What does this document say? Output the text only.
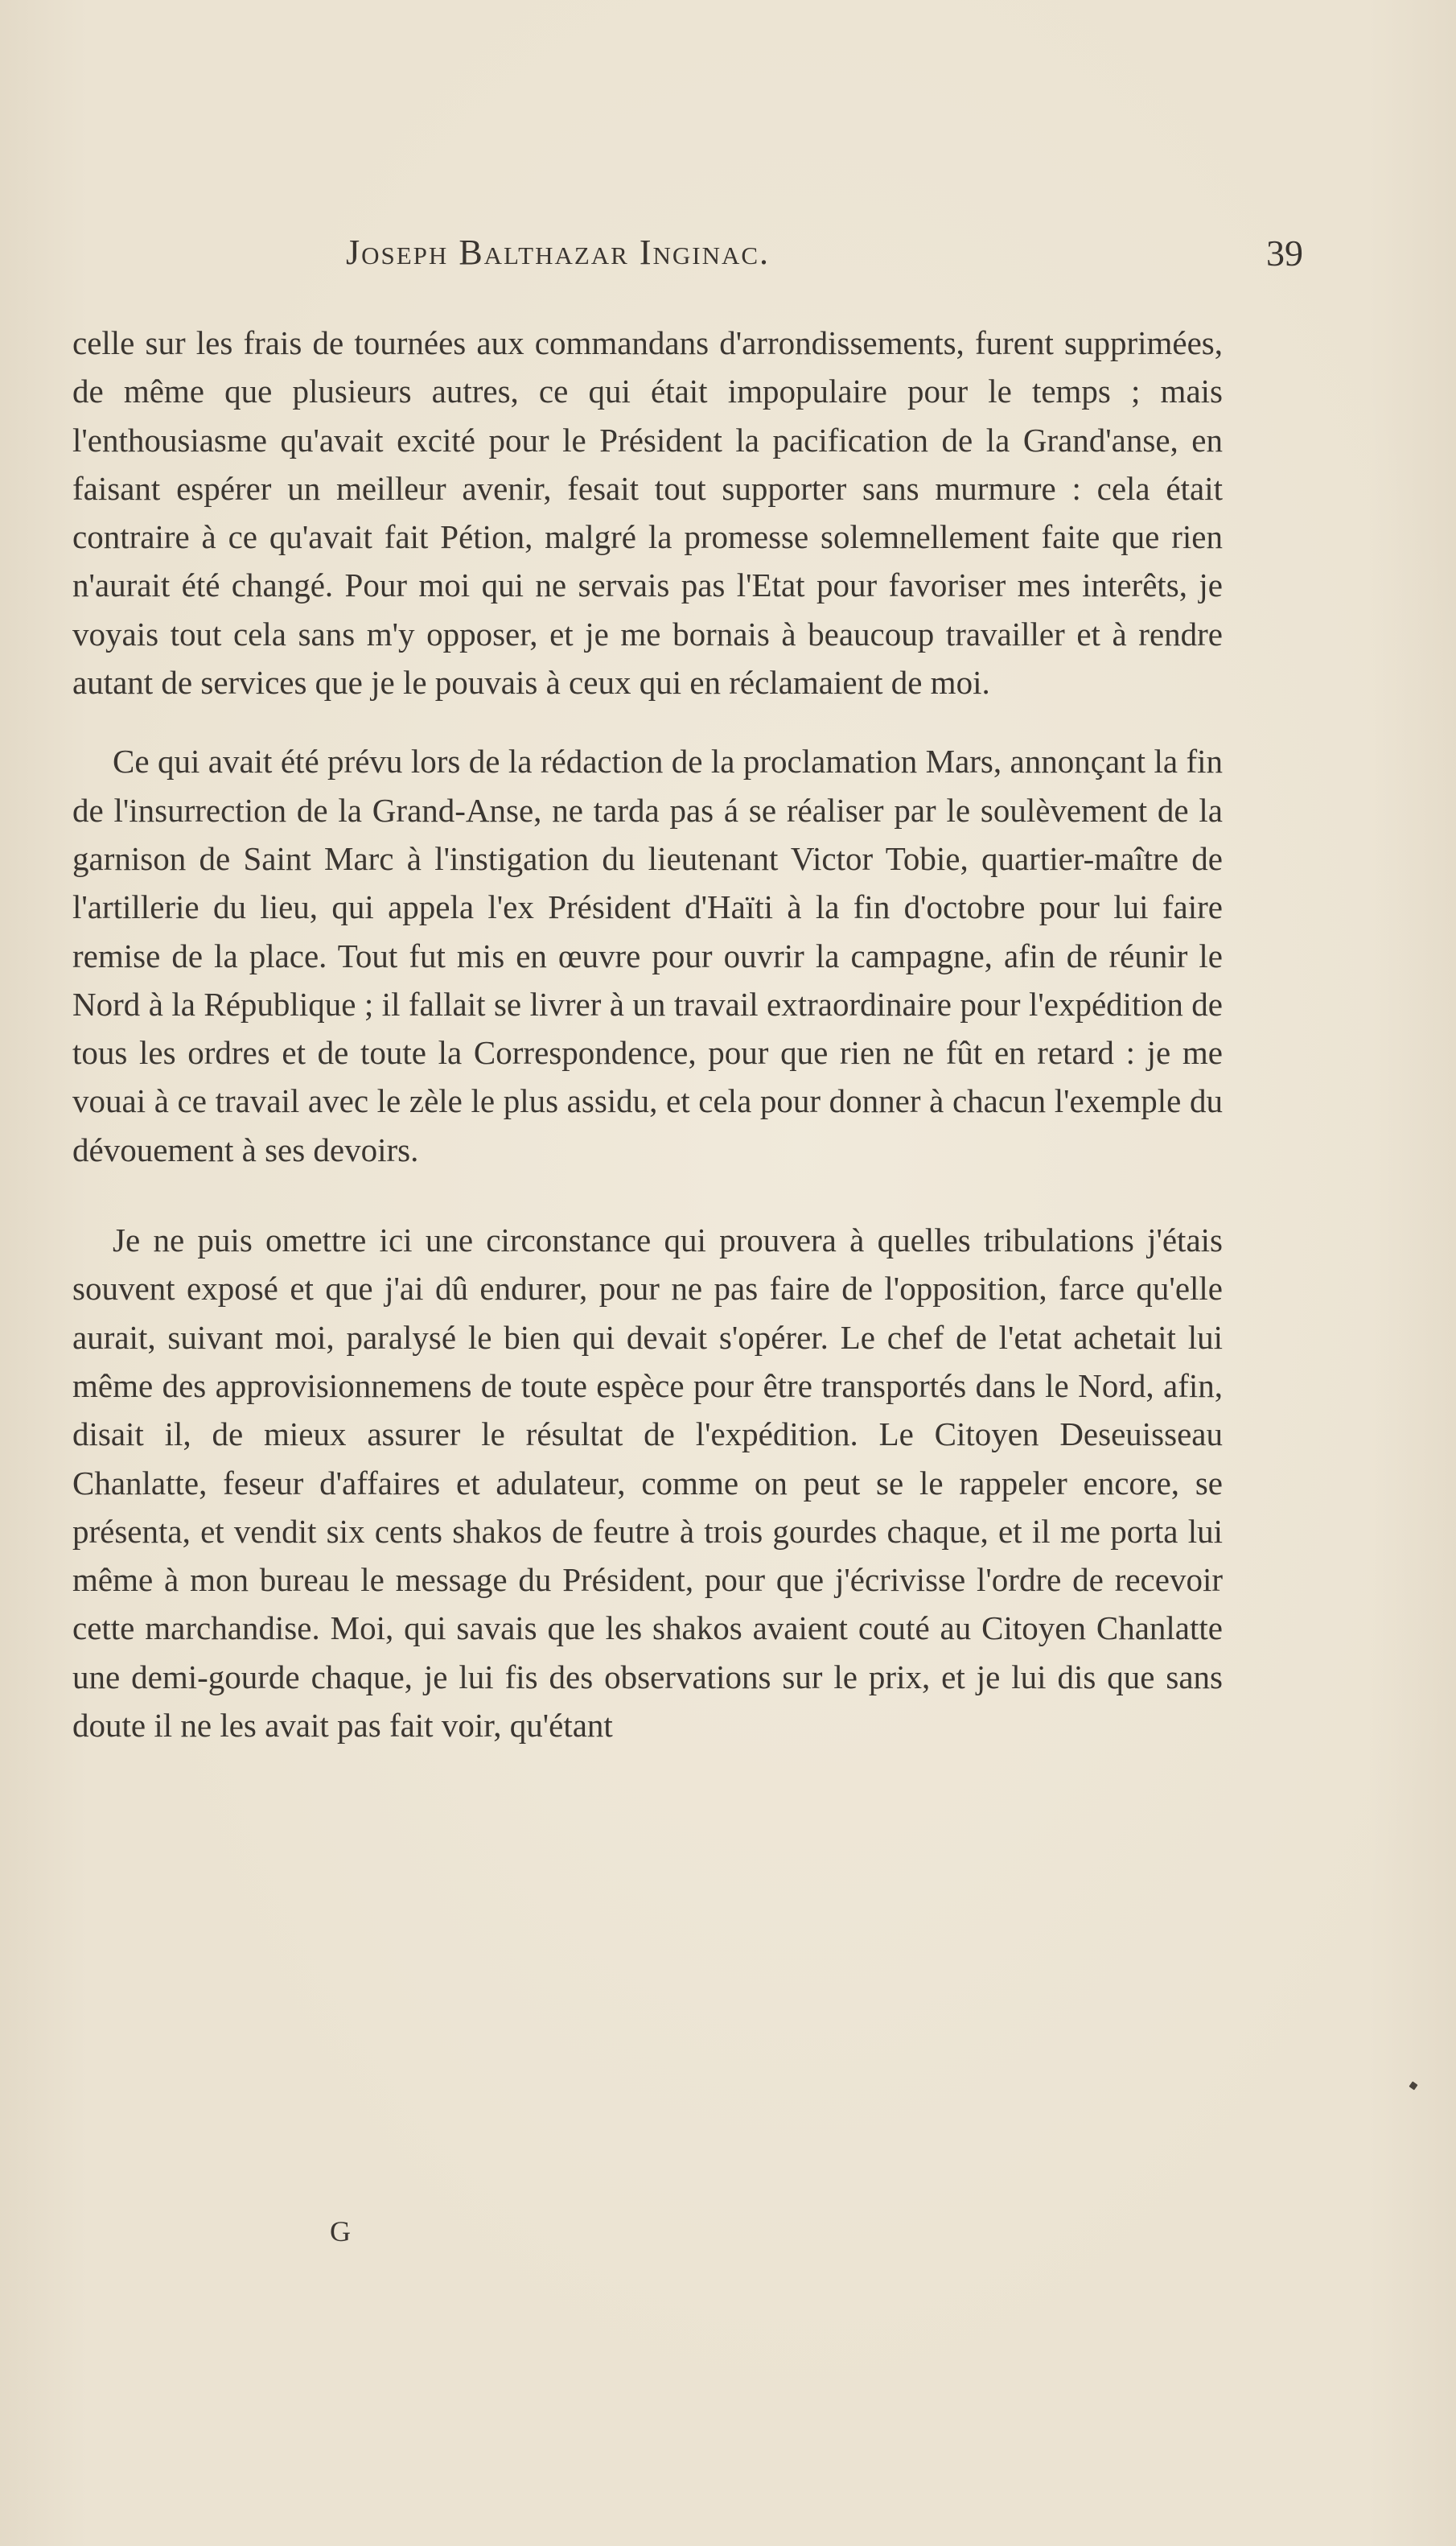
Joseph Balthazar Inginac.	39

celle sur les frais de tournées aux commandans d'arrondissements, furent supprimées, de même que plusieurs autres, ce qui était impopulaire pour le temps ; mais l'enthousiasme qu'avait excité pour le Président la pacification de la Grand'anse, en faisant espérer un meilleur avenir, fesait tout supporter sans murmure : cela était contraire à ce qu'avait fait Pétion, malgré la promesse solemnellement faite que rien n'aurait été changé. Pour moi qui ne servais pas l'Etat pour favoriser mes interêts, je voyais tout cela sans m'y opposer, et je me bornais à beaucoup travailler et à rendre autant de services que je le pouvais à ceux qui en réclamaient de moi.

Ce qui avait été prévu lors de la rédaction de la proclamation Mars, annonçant la fin de l'insurrection de la Grand-Anse, ne tarda pas á se réaliser par le soulèvement de la garnison de Saint Marc à l'instigation du lieutenant Victor Tobie, quartier-maître de l'artillerie du lieu, qui appela l'ex Président d'Haïti à la fin d'octobre pour lui faire remise de la place. Tout fut mis en œuvre pour ouvrir la campagne, afin de réunir le Nord à la République ; il fallait se livrer à un travail extraordinaire pour l'expédition de tous les ordres et de toute la Correspondence, pour que rien ne fût en retard : je me vouai à ce travail avec le zèle le plus assidu, et cela pour donner à chacun l'exemple du dévouement à ses devoirs.

Je ne puis omettre ici une circonstance qui prouvera à quelles tribulations j'étais souvent exposé et que j'ai dû endurer, pour ne pas faire de l'opposition, farce qu'elle aurait, suivant moi, paralysé le bien qui devait s'opérer. Le chef de l'etat achetait lui même des approvisionnemens de toute espèce pour être transportés dans le Nord, afin, disait il, de mieux assurer le résultat de l'expédition. Le Citoyen Deseuisseau Chanlatte, feseur d'affaires et adulateur, comme on peut se le rappeler encore, se présenta, et vendit six cents shakos de feutre à trois gourdes chaque, et il me porta lui même à mon bureau le message du Président, pour que j'écrivisse l'ordre de recevoir cette marchandise. Moi, qui savais que les shakos avaient couté au Citoyen Chanlatte une demi-gourde chaque, je lui fis des observations sur le prix, et je lui dis que sans doute il ne les avait pas fait voir, qu'étant

G
